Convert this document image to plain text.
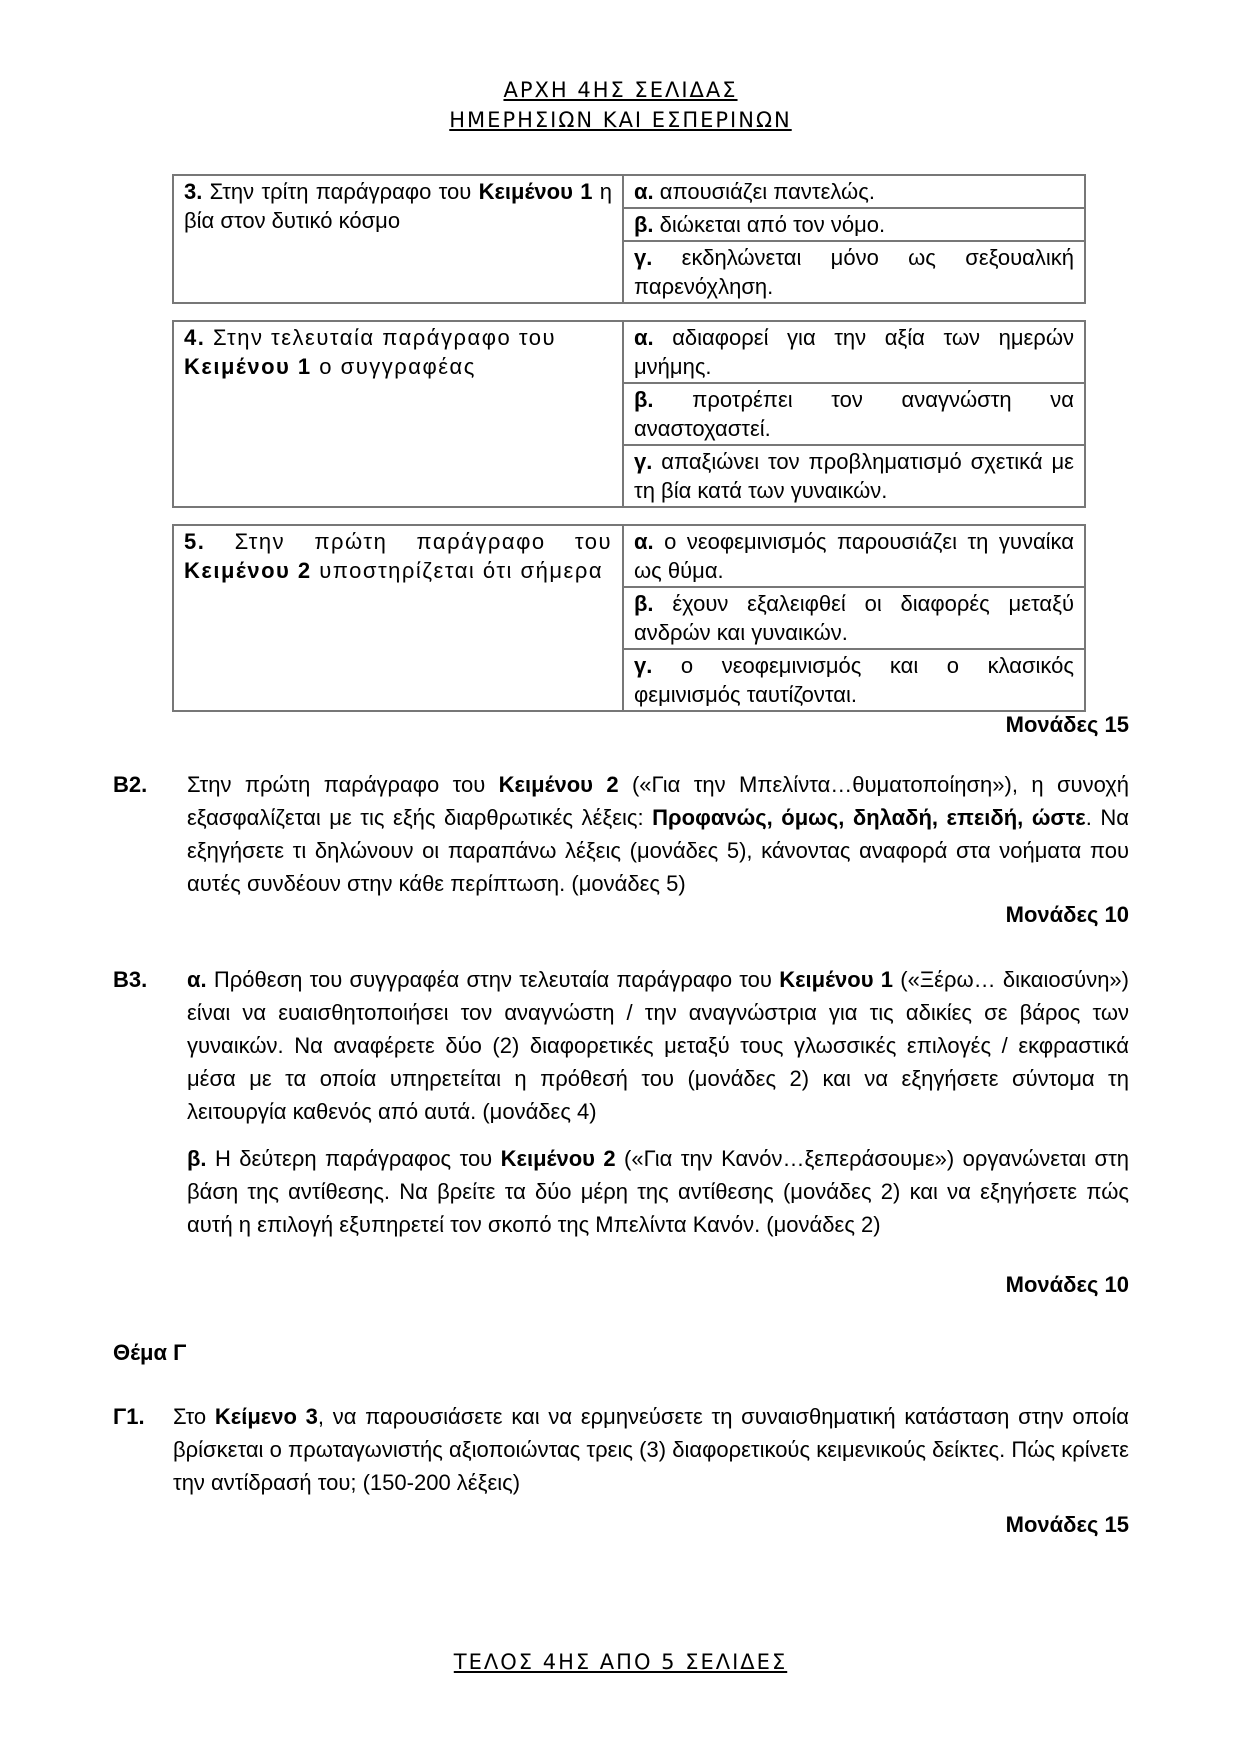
ΑΡΧΗ 4ΗΣ ΣΕΛΙΔΑΣ
ΗΜΕΡΗΣΙΩΝ ΚΑΙ ΕΣΠΕΡΙΝΩΝ
3. Στην τρίτη παράγραφο του Κειμένου 1 η βία στον δυτικό κόσμο	α. απουσιάζει παντελώς.
β. διώκεται από τον νόμο.
γ. εκδηλώνεται μόνο ως σεξουαλική παρενόχληση.
4. Στην τελευταία παράγραφο του Κειμένου 1 ο συγγραφέας	α. αδιαφορεί για την αξία των ημερών μνήμης.
β. προτρέπει τον αναγνώστη να αναστοχαστεί.
γ. απαξιώνει τον προβληματισμό σχετικά με τη βία κατά των γυναικών.
5. Στην πρώτη παράγραφο του Κειμένου 2 υποστηρίζεται ότι σήμερα	α. ο νεοφεμινισμός παρουσιάζει τη γυναίκα ως θύμα.
β. έχουν εξαλειφθεί οι διαφορές μεταξύ ανδρών και γυναικών.
γ. ο νεοφεμινισμός και ο κλασικός φεμινισμός ταυτίζονται.
Μονάδες 15
Β2. Στην πρώτη παράγραφο του Κειμένου 2 («Για την Μπελίντα…θυματοποίηση»), η συνοχή εξασφαλίζεται με τις εξής διαρθρωτικές λέξεις: Προφανώς, όμως, δηλαδή, επειδή, ώστε. Να εξηγήσετε τι δηλώνουν οι παραπάνω λέξεις (μονάδες 5), κάνοντας αναφορά στα νοήματα που αυτές συνδέουν στην κάθε περίπτωση. (μονάδες 5)
Μονάδες 10
Β3. α. Πρόθεση του συγγραφέα στην τελευταία παράγραφο του Κειμένου 1 («Ξέρω… δικαιοσύνη») είναι να ευαισθητοποιήσει τον αναγνώστη / την αναγνώστρια για τις αδικίες σε βάρος των γυναικών. Να αναφέρετε δύο (2) διαφορετικές μεταξύ τους γλωσσικές επιλογές / εκφραστικά μέσα με τα οποία υπηρετείται η πρόθεσή του (μονάδες 2) και να εξηγήσετε σύντομα τη λειτουργία καθενός από αυτά. (μονάδες 4)
β. Η δεύτερη παράγραφος του Κειμένου 2 («Για την Κανόν…ξεπεράσουμε») οργανώνεται στη βάση της αντίθεσης. Να βρείτε τα δύο μέρη της αντίθεσης (μονάδες 2) και να εξηγήσετε πώς αυτή η επιλογή εξυπηρετεί τον σκοπό της Μπελίντα Κανόν. (μονάδες 2)
Μονάδες 10
Θέμα Γ
Γ1. Στο Κείμενο 3, να παρουσιάσετε και να ερμηνεύσετε τη συναισθηματική κατάσταση στην οποία βρίσκεται ο πρωταγωνιστής αξιοποιώντας τρεις (3) διαφορετικούς κειμενικούς δείκτες. Πώς κρίνετε την αντίδρασή του; (150-200 λέξεις)
Μονάδες 15
ΤΕΛΟΣ 4ΗΣ ΑΠΟ 5 ΣΕΛΙΔΕΣ
